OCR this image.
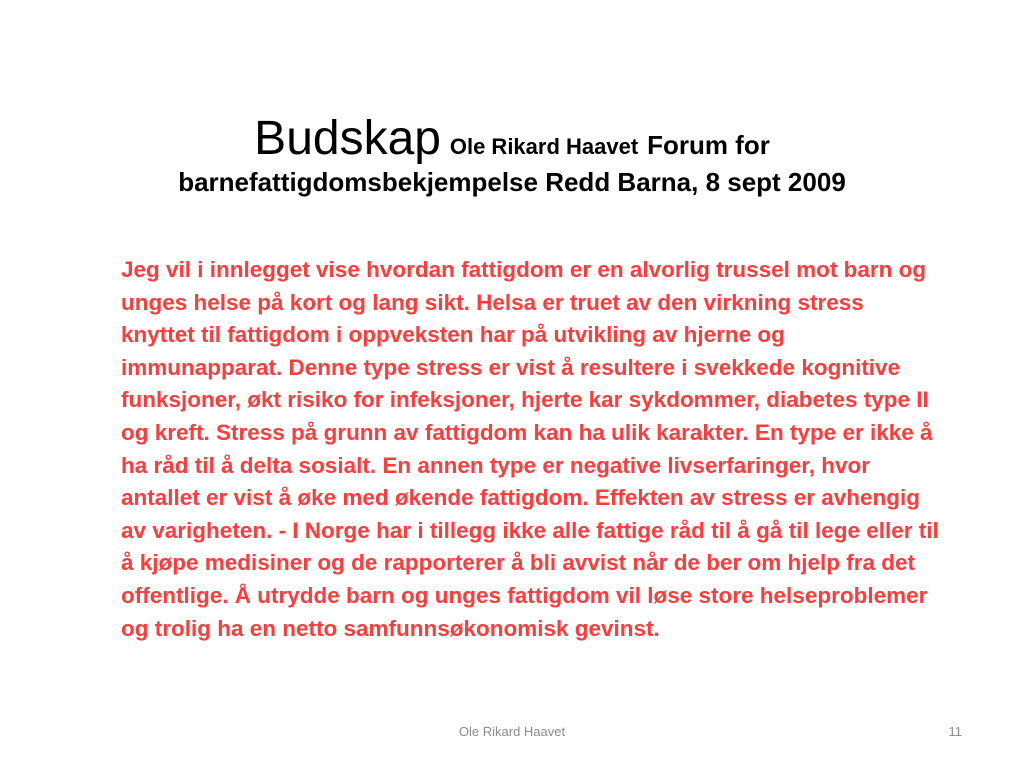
Budskap Ole Rikard Haavet Forum for
barnefattigdomsbekjempelse Redd Barna, 8 sept 2009

Jeg vil i innlegget vise hvordan fattigdom er en alvorlig trussel mot barn og unges helse på kort og lang sikt. Helsa er truet av den virkning stress knyttet til fattigdom i oppveksten har på utvikling av hjerne og immunapparat. Denne type stress er vist å resultere i svekkede kognitive funksjoner, økt risiko for infeksjoner, hjerte kar sykdommer, diabetes type II og kreft. Stress på grunn av fattigdom kan ha ulik karakter. En type er ikke å ha råd til å delta sosialt. En annen type er negative livserfaringer, hvor antallet er vist å øke med økende fattigdom. Effekten av stress er avhengig av varigheten. - I Norge har i tillegg ikke alle fattige råd til å gå til lege eller til å kjøpe medisiner og de rapporterer å bli avvist når de ber om hjelp fra det offentlige. Å utrydde barn og unges fattigdom vil løse store helseproblemer og trolig ha en netto samfunnsøkonomisk gevinst.

Ole Rikard Haavet	11
